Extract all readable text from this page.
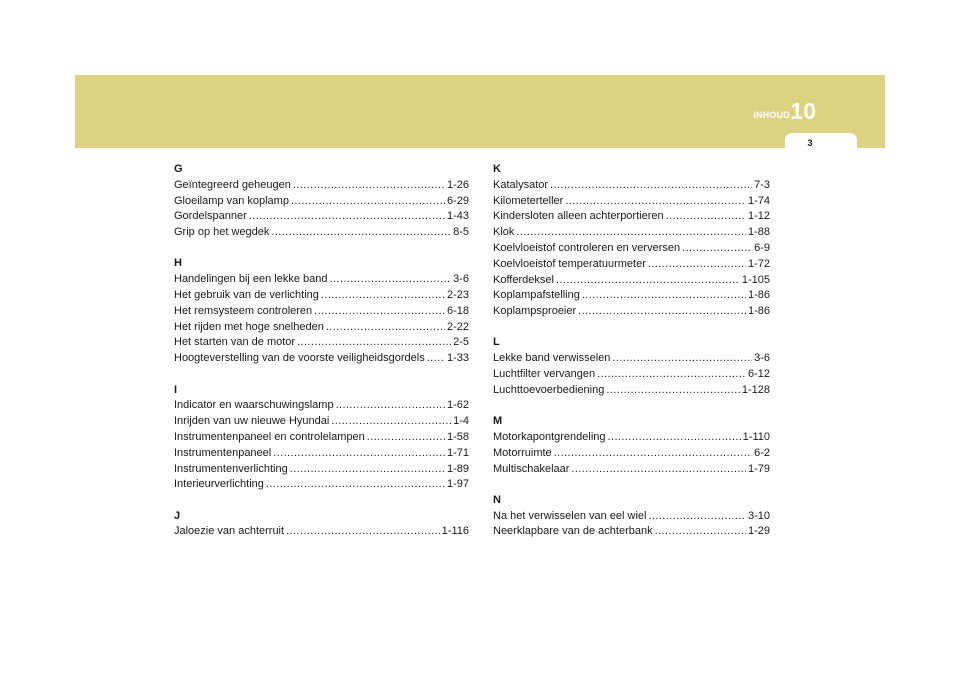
INHOUD 10
3
G
Geïntegreerd geheugen .....	1-26
Gloeilamp van koplamp .....	6-29
Gordelspanner .....	1-43
Grip op het wegdek .....	8-5
H
Handelingen bij een lekke band .....	3-6
Het gebruik van de verlichting .....	2-23
Het remsysteem controleren .....	6-18
Het rijden met hoge snelheden .....	2-22
Het starten van de motor .....	2-5
Hoogteverstelling van de voorste veiligheidsgordels ..... 1-33
I
Indicator en waarschuwingslamp .....	1-62
Inrijden van uw nieuwe Hyundai .....	1-4
Instrumentenpaneel en controlelampen .....	1-58
Instrumentenpaneel .....	1-71
Instrumentenverlichting .....	1-89
Interieurverlichting .....	1-97
J
Jaloezie van achterruit .....	1-116
K
Katalysator .....	7-3
Kilometerteller .....	1-74
Kindersloten alleen achterportieren .....	1-12
Klok .....	1-88
Koelvloeistof controleren en verversen .....	6-9
Koelvloeistof temperatuurmeter .....	1-72
Kofferdeksel .....	1-105
Koplampafstelling .....	1-86
Koplampsproeier .....	1-86
L
Lekke band verwisselen .....	3-6
Luchtfilter vervangen .....	6-12
Luchttoevoerbediening .....	1-128
M
Motorkapontgrendeling .....	1-110
Motorruimte .....	6-2
Multischakelaar .....	1-79
N
Na het verwisselen van eel wiel .....	3-10
Neerklapbare van de achterbank .....	1-29
